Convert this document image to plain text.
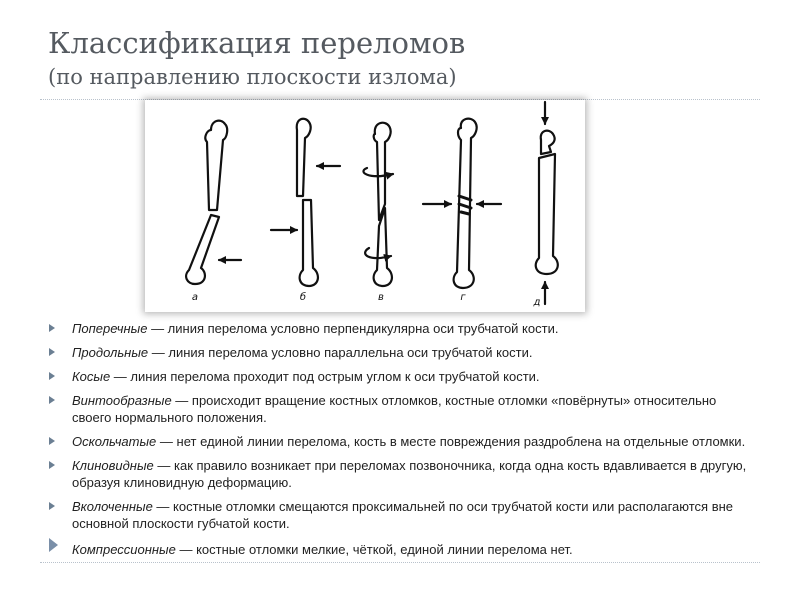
Классификация переломов
(по направлению плоскости излома)
а	б	в	г	д
Поперечные — линия перелома условно перпендикулярна оси трубчатой кости.
Продольные — линия перелома условно параллельна оси трубчатой кости.
Косые — линия перелома проходит под острым углом к оси трубчатой кости.
Винтообразные — происходит вращение костных отломков, костные отломки «повёрнуты» относительно своего нормального положения.
Оскольчатые — нет единой линии перелома, кость в месте повреждения раздроблена на отдельные отломки.
Клиновидные — как правило возникает при переломах позвоночника, когда одна кость вдавливается в другую, образуя клиновидную деформацию.
Вколоченные — костные отломки смещаются проксимальней по оси трубчатой кости или располагаются вне основной плоскости губчатой кости.
Компрессионные — костные отломки мелкие, чёткой, единой линии перелома нет.
